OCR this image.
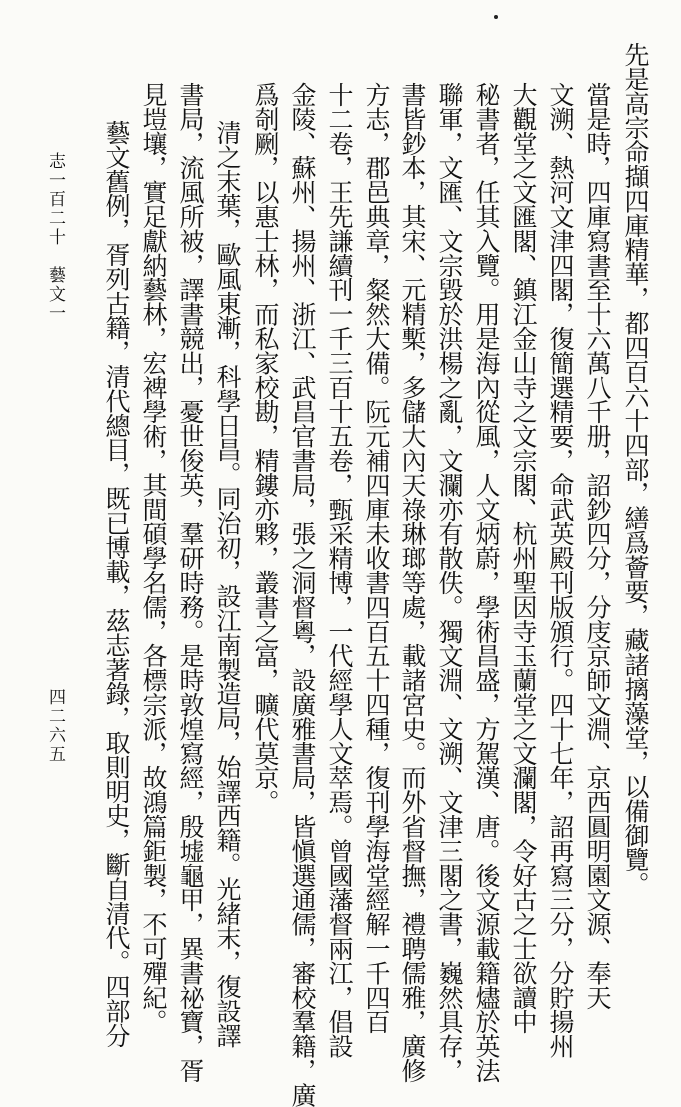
先是高宗命擷四庫精華，都四百六十四部，繕爲薈要，藏諸摛藻堂，以備御覽。
當是時，四庫寫書至十六萬八千册，詔鈔四分，分庋京師文淵、京西圓明園文源、奉天
文溯、熱河文津四閣，復簡選精要，命武英殿刊版頒行。四十七年，詔再寫三分，分貯揚州
大觀堂之文匯閣、鎮江金山寺之文宗閣、杭州聖因寺玉蘭堂之文瀾閣，令好古之士欲讀中
秘書者，任其入覽。用是海內從風，人文炳蔚，學術昌盛，方駕漢、唐。後文源載籍燼於英法
聯軍，文匯、文宗毀於洪楊之亂，文瀾亦有散佚。獨文淵、文溯、文津三閣之書，巍然具存，
書皆鈔本，其宋、元精槧，多儲大內天祿琳瑯等處，載諸宮史。而外省督撫，禮聘儒雅，廣修
方志，郡邑典章，粲然大備。阮元補四庫未收書四百五十四種，復刊學海堂經解一千四百
十二卷，王先謙續刊一千三百十五卷，甄采精博，一代經學人文萃焉。曾國藩督兩江，倡設
金陵、蘇州、揚州、浙江、武昌官書局，張之洞督粵，設廣雅書局，皆愼選通儒，審校羣籍，廣
爲剞劂，以惠士林，而私家校勘，精鏤亦夥，叢書之富，曠代莫京。
清之末葉，歐風東漸，科學日昌。同治初，設江南製造局，始譯西籍。光緒末，復設譯
書局，流風所被，譯書競出，憂世俊英，羣研時務。是時敦煌寫經，殷墟龜甲，異書祕寶，胥
見塏壤，實足獻納藝林，宏裨學術，其間碩學名儒，各標宗派，故鴻篇鉅製，不可殫紀。
藝文舊例，胥列古籍，清代總目，既已博載，茲志著錄，取則明史，斷自清代。四部分
志一百二十　藝文一
四二六五
